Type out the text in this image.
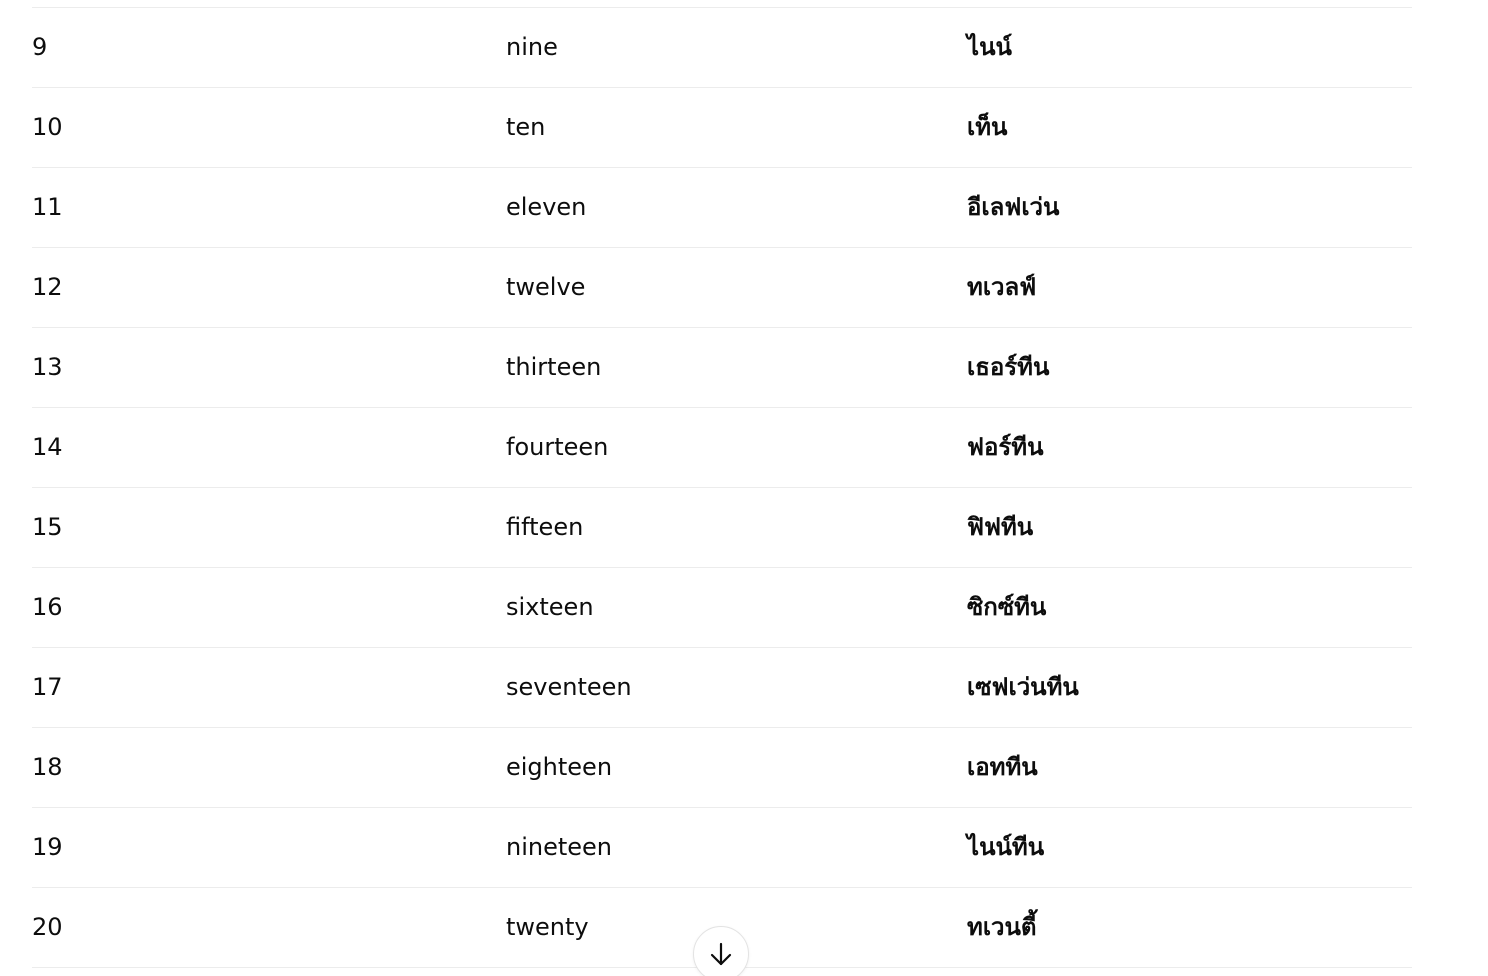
9	nine	ไนน์
10	ten	เท็น
11	eleven	อีเลฟเว่น
12	twelve	ทเวลฟ์
13	thirteen	เธอร์ทีน
14	fourteen	ฟอร์ทีน
15	fifteen	ฟิฟทีน
16	sixteen	ซิกซ์ทีน
17	seventeen	เซฟเว่นทีน
18	eighteen	เอททีน
19	nineteen	ไนน์ทีน
20	twenty	ทเวนตี้
